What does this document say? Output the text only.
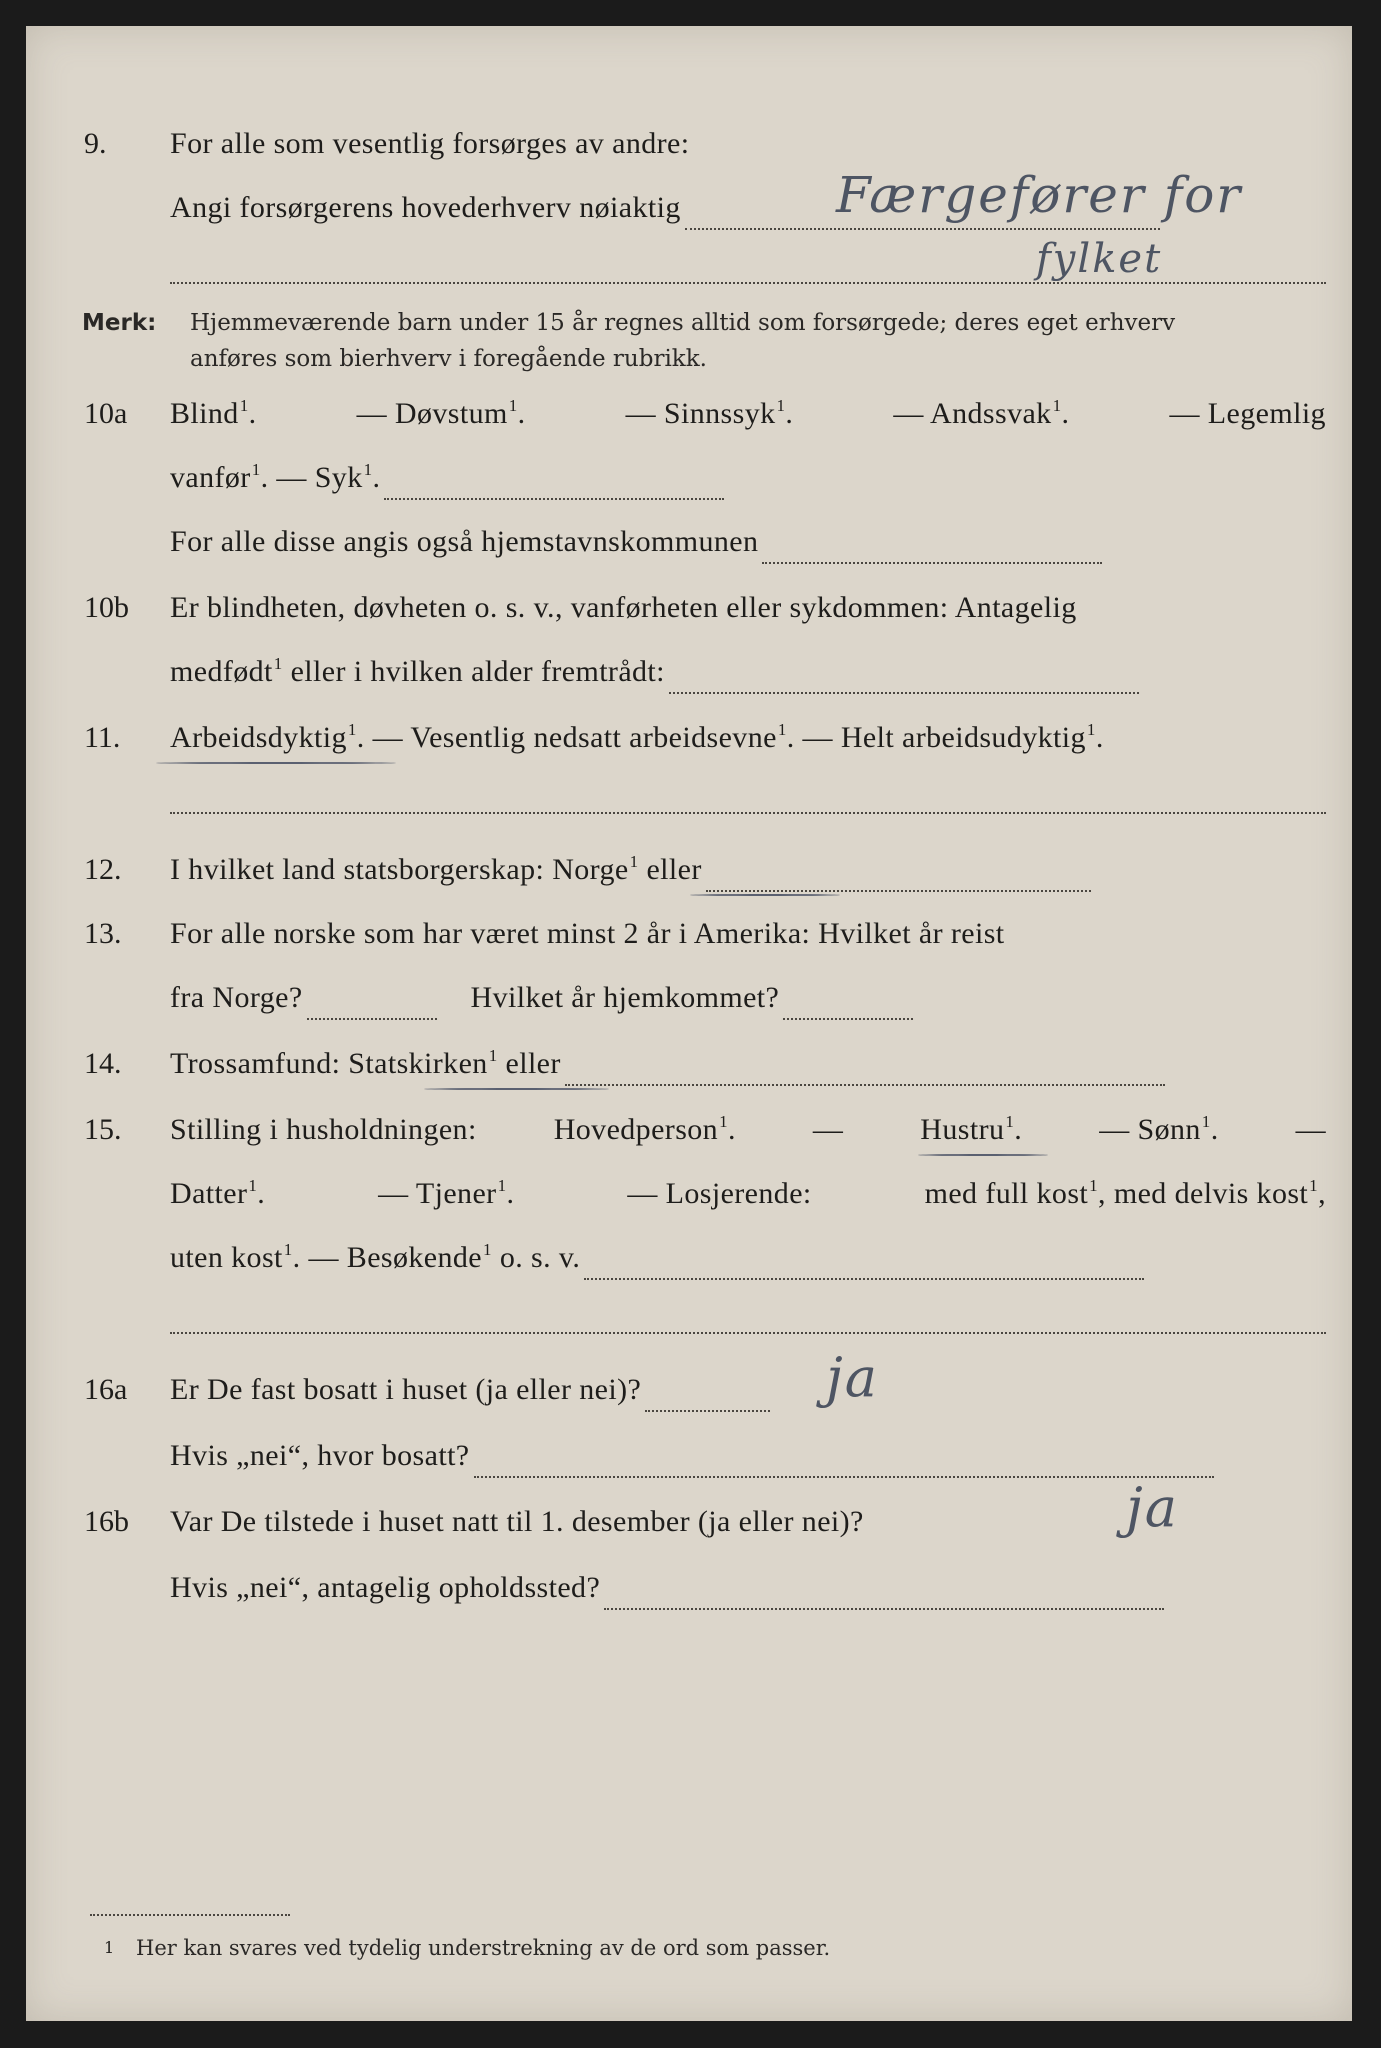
9. For alle som vesentlig forsørges av andre:
Angi forsørgerens hovederhverv nøiaktig	Færgefører for
fylket
Merk: Hjemmeværende barn under 15 år regnes alltid som forsørgede; deres eget erhverv
anføres som bierhverv i foregående rubrikk.
10a Blind$^1$.	— Døvstum$^1$.	— Sinnssyk$^1$.	— Andssvak$^1$.	— Legemlig
vanfør$^1$. — Syk$^1$.
For alle disse angis også hjemstavnskommunen
10b Er blindheten, døvheten o. s. v., vanførheten eller sykdommen: Antagelig
medfødt$^1$ eller i hvilken alder fremtrådt:
11. Arbeidsdyktig$^1$. — Vesentlig nedsatt arbeidsevne$^1$. — Helt arbeidsudyktig$^1$.
12. I hvilket land statsborgerskap: Norge$^1$ eller
13. For alle norske som har været minst 2 år i Amerika: Hvilket år reist
fra Norge?	Hvilket år hjemkommet?
14. Trossamfund: Statskirken$^1$ eller
15. Stilling i husholdningen:	Hovedperson$^1$.	—	Hustru$^1$.	— Sønn$^1$.	—
Datter$^1$.	— Tjener$^1$.	— Losjerende:	med full kost$^1$, med delvis kost$^1$,
uten kost$^1$. — Besøkende$^1$ o. s. v.
16a Er De fast bosatt i huset (ja eller nei)?	ja
Hvis „nei“, hvor bosatt?
16b Var De tilstede i huset natt til 1. desember (ja eller nei)?	ja
Hvis „nei“, antagelig opholdssted?
1 Her kan svares ved tydelig understrekning av de ord som passer.
